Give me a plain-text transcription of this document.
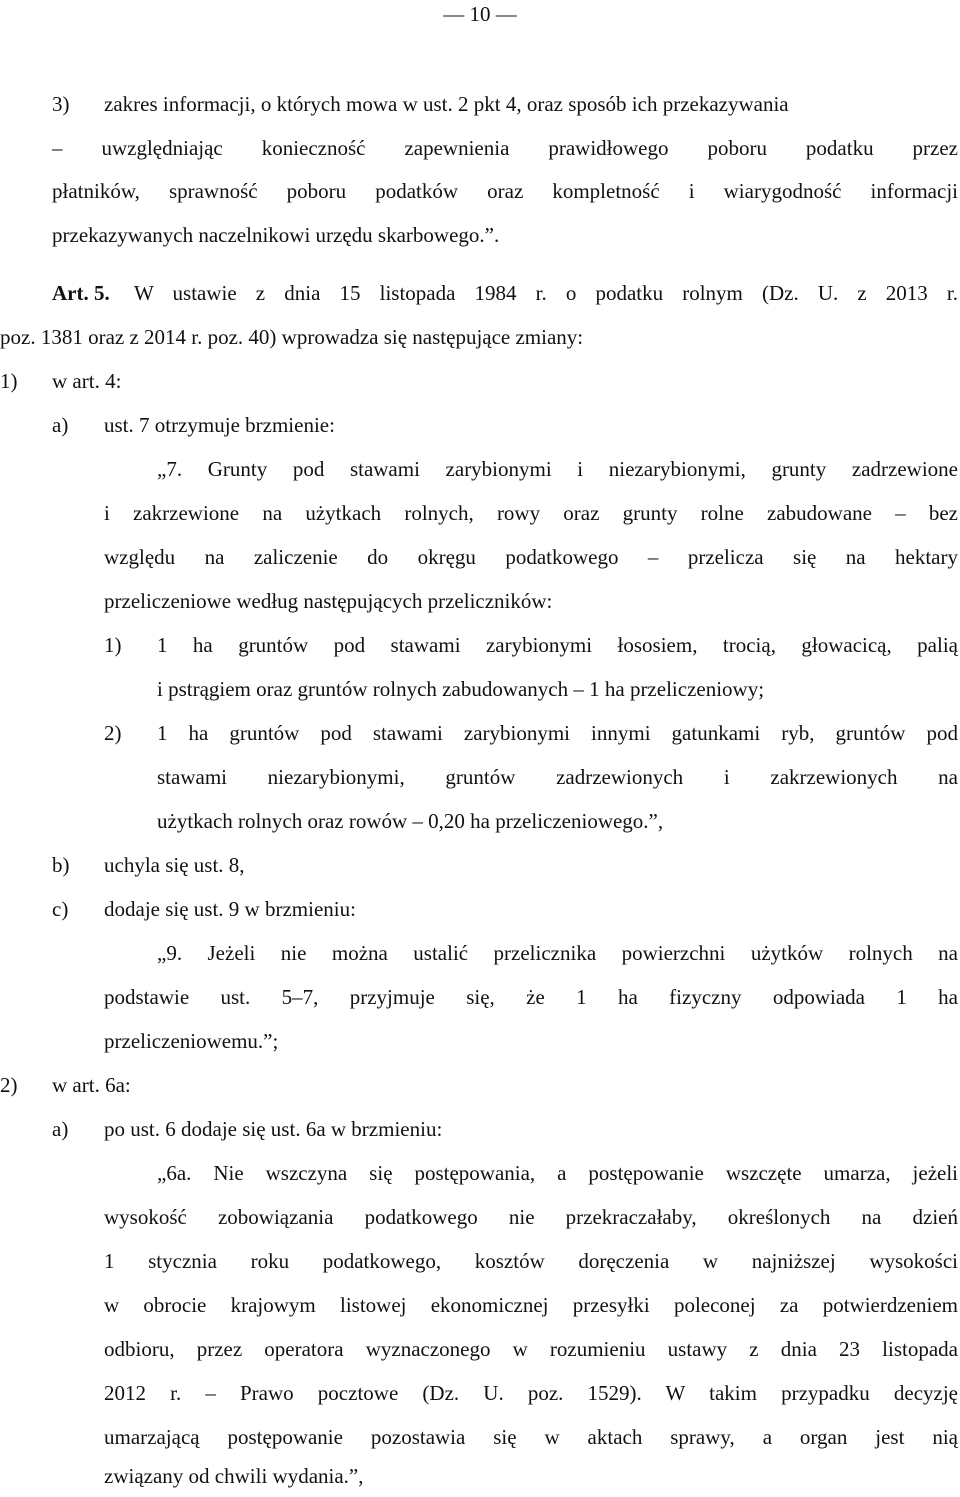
— 10 —
3) zakres informacji, o których mowa w ust. 2 pkt 4, oraz sposób ich przekazywania
– uwzględniając konieczność zapewnienia prawidłowego poboru podatku przez
płatników, sprawność poboru podatków oraz kompletność i wiarygodność informacji
przekazywanych naczelnikowi urzędu skarbowego.”.
Art. 5. W ustawie z dnia 15 listopada 1984 r. o podatku rolnym (Dz. U. z 2013 r.
poz. 1381 oraz z 2014 r. poz. 40) wprowadza się następujące zmiany:
1) w art. 4:
a) ust. 7 otrzymuje brzmienie:
„7. Grunty pod stawami zarybionymi i niezarybionymi, grunty zadrzewione
i zakrzewione na użytkach rolnych, rowy oraz grunty rolne zabudowane – bez
względu na zaliczenie do okręgu podatkowego – przelicza się na hektary
przeliczeniowe według następujących przeliczników:
1) 1 ha gruntów pod stawami zarybionymi łososiem, trocią, głowacicą, palią
i pstrągiem oraz gruntów rolnych zabudowanych – 1 ha przeliczeniowy;
2) 1 ha gruntów pod stawami zarybionymi innymi gatunkami ryb, gruntów pod
stawami niezarybionymi, gruntów zadrzewionych i zakrzewionych na
użytkach rolnych oraz rowów – 0,20 ha przeliczeniowego.”,
b) uchyla się ust. 8,
c) dodaje się ust. 9 w brzmieniu:
„9. Jeżeli nie można ustalić przelicznika powierzchni użytków rolnych na
podstawie ust. 5–7, przyjmuje się, że 1 ha fizyczny odpowiada 1 ha
przeliczeniowemu.”;
2) w art. 6a:
a) po ust. 6 dodaje się ust. 6a w brzmieniu:
„6a. Nie wszczyna się postępowania, a postępowanie wszczęte umarza, jeżeli
wysokość zobowiązania podatkowego nie przekraczałaby, określonych na dzień
1 stycznia roku podatkowego, kosztów doręczenia w najniższej wysokości
w obrocie krajowym listowej ekonomicznej przesyłki poleconej za potwierdzeniem
odbioru, przez operatora wyznaczonego w rozumieniu ustawy z dnia 23 listopada
2012 r. – Prawo pocztowe (Dz. U. poz. 1529). W takim przypadku decyzję
umarzającą postępowanie pozostawia się w aktach sprawy, a organ jest nią
związany od chwili wydania.”,
